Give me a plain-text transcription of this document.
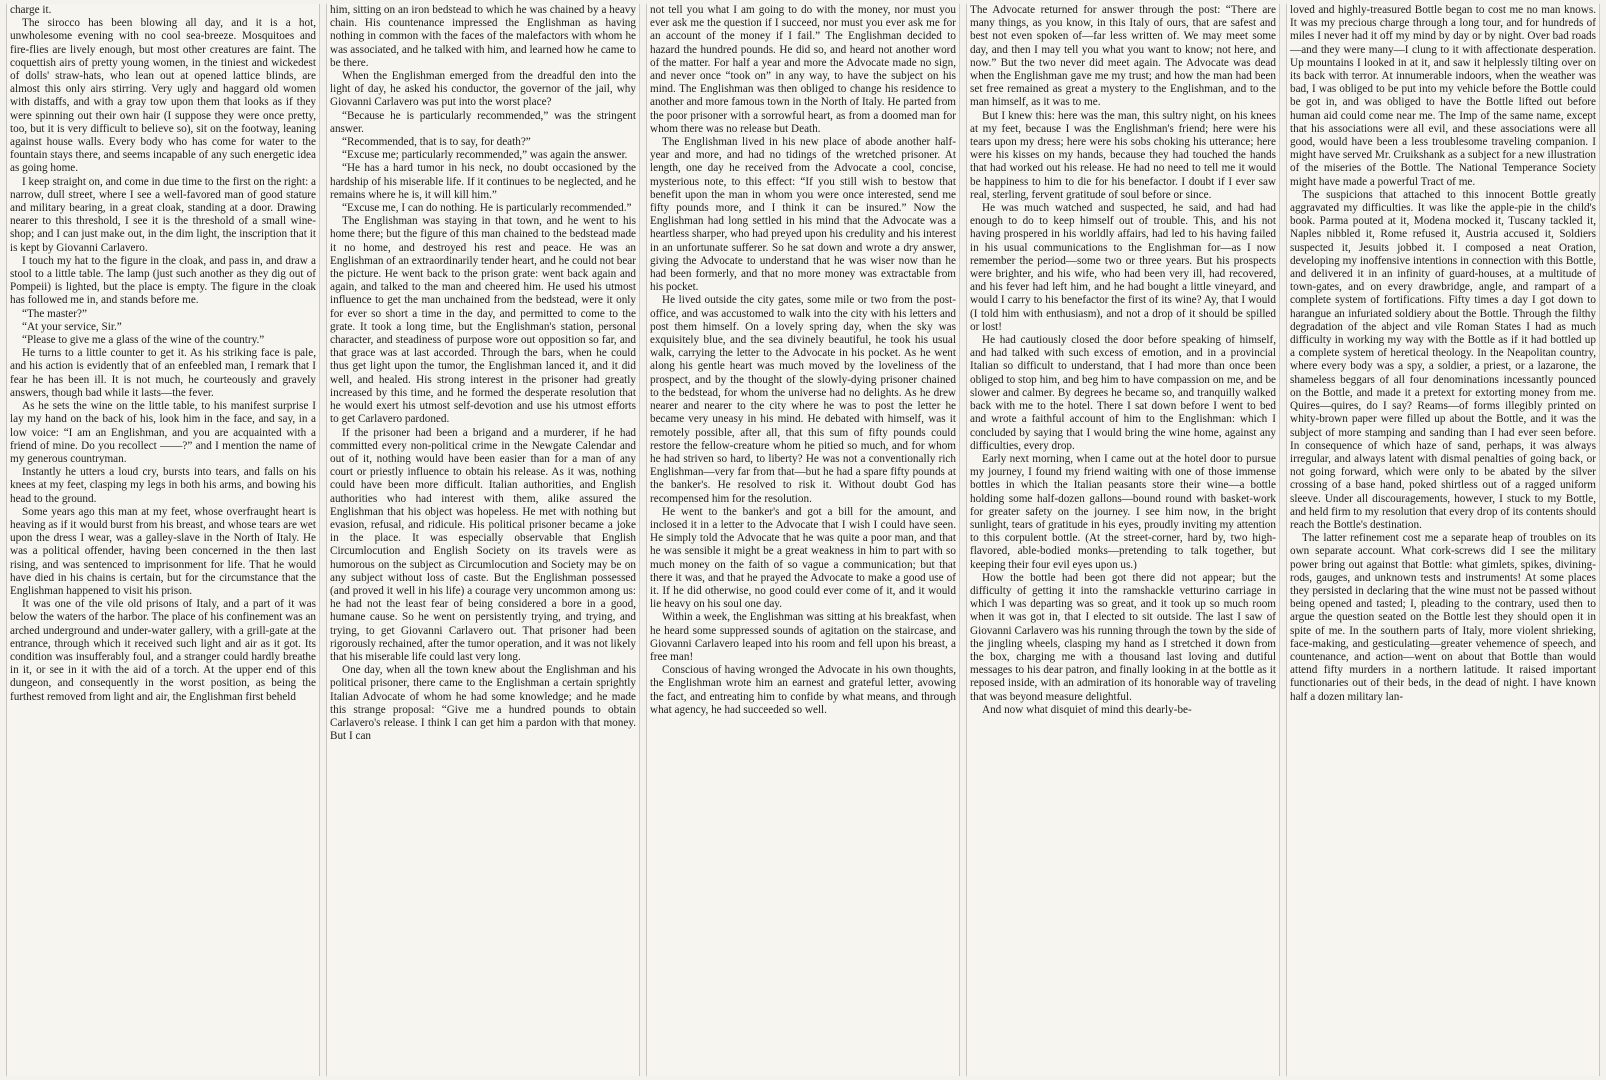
charge it.

The sirocco has been blowing all day, and it is a hot, unwholesome evening with no cool sea-breeze. Mosquitoes and fire-flies are lively enough, but most other creatures are faint. The coquettish airs of pretty young women, in the tiniest and wickedest of dolls' straw-hats, who lean out at opened lattice blinds, are almost this only airs stirring. Very ugly and haggard old women with distaffs, and with a gray tow upon them that looks as if they were spinning out their own hair (I suppose they were once pretty, too, but it is very difficult to believe so), sit on the footway, leaning against house walls. Every body who has come for water to the fountain stays there, and seems incapable of any such energetic idea as going home.

I keep straight on, and come in due time to the first on the right: a narrow, dull street, where I see a well-favored man of good stature and military bearing, in a great cloak, standing at a door. Drawing nearer to this threshold, I see it is the threshold of a small wine-shop; and I can just make out, in the dim light, the inscription that it is kept by Giovanni Carlavero.

I touch my hat to the figure in the cloak, and pass in, and draw a stool to a little table. The lamp (just such another as they dig out of Pompeii) is lighted, but the place is empty. The figure in the cloak has followed me in, and stands before me.

“The master?”

“At your service, Sir.”

“Please to give me a glass of the wine of the country.”

He turns to a little counter to get it. As his striking face is pale, and his action is evidently that of an enfeebled man, I remark that I fear he has been ill. It is not much, he courteously and gravely answers, though bad while it lasts—the fever.

As he sets the wine on the little table, to his manifest surprise I lay my hand on the back of his, look him in the face, and say, in a low voice: “I am an Englishman, and you are acquainted with a friend of mine. Do you recollect ——?” and I mention the name of my generous countryman.

Instantly he utters a loud cry, bursts into tears, and falls on his knees at my feet, clasping my legs in both his arms, and bowing his head to the ground.

Some years ago this man at my feet, whose overfraught heart is heaving as if it would burst from his breast, and whose tears are wet upon the dress I wear, was a galley-slave in the North of Italy. He was a political offender, having been concerned in the then last rising, and was sentenced to imprisonment for life. That he would have died in his chains is certain, but for the circumstance that the Englishman happened to visit his prison.

It was one of the vile old prisons of Italy, and a part of it was below the waters of the harbor. The place of his confinement was an arched underground and under-water gallery, with a grill-gate at the entrance, through which it received such light and air as it got. Its condition was insufferably foul, and a stranger could hardly breathe in it, or see in it with the aid of a torch. At the upper end of this dungeon, and consequently in the worst position, as being the furthest removed from light and air, the Englishman first beheld

him, sitting on an iron bedstead to which he was chained by a heavy chain. His countenance impressed the Englishman as having nothing in common with the faces of the malefactors with whom he was associated, and he talked with him, and learned how he came to be there.

When the Englishman emerged from the dreadful den into the light of day, he asked his conductor, the governor of the jail, why Giovanni Carlavero was put into the worst place?

“Because he is particularly recommended,” was the stringent answer.

“Recommended, that is to say, for death?”

“Excuse me; particularly recommended,” was again the answer.

“He has a hard tumor in his neck, no doubt occasioned by the hardship of his miserable life. If it continues to be neglected, and he remains where he is, it will kill him.”

“Excuse me, I can do nothing. He is particularly recommended.”

The Englishman was staying in that town, and he went to his home there; but the figure of this man chained to the bedstead made it no home, and destroyed his rest and peace. He was an Englishman of an extraordinarily tender heart, and he could not bear the picture. He went back to the prison grate: went back again and again, and talked to the man and cheered him. He used his utmost influence to get the man unchained from the bedstead, were it only for ever so short a time in the day, and permitted to come to the grate. It took a long time, but the Englishman's station, personal character, and steadiness of purpose wore out opposition so far, and that grace was at last accorded. Through the bars, when he could thus get light upon the tumor, the Englishman lanced it, and it did well, and healed. His strong interest in the prisoner had greatly increased by this time, and he formed the desperate resolution that he would exert his utmost self-devotion and use his utmost efforts to get Carlavero pardoned.

If the prisoner had been a brigand and a murderer, if he had committed every non-political crime in the Newgate Calendar and out of it, nothing would have been easier than for a man of any court or priestly influence to obtain his release. As it was, nothing could have been more difficult. Italian authorities, and English authorities who had interest with them, alike assured the Englishman that his object was hopeless. He met with nothing but evasion, refusal, and ridicule. His political prisoner became a joke in the place. It was especially observable that English Circumlocution and English Society on its travels were as humorous on the subject as Circumlocution and Society may be on any subject without loss of caste. But the Englishman possessed (and proved it well in his life) a courage very uncommon among us: he had not the least fear of being considered a bore in a good, humane cause. So he went on persistently trying, and trying, and trying, to get Giovanni Carlavero out. That prisoner had been rigorously rechained, after the tumor operation, and it was not likely that his miserable life could last very long.

One day, when all the town knew about the Englishman and his political prisoner, there came to the Englishman a certain sprightly Italian Advocate of whom he had some knowledge; and he made this strange proposal: “Give me a hundred pounds to obtain Carlavero's release. I think I can get him a pardon with that money. But I can

not tell you what I am going to do with the money, nor must you ever ask me the question if I succeed, nor must you ever ask me for an account of the money if I fail.” The Englishman decided to hazard the hundred pounds. He did so, and heard not another word of the matter. For half a year and more the Advocate made no sign, and never once “took on” in any way, to have the subject on his mind. The Englishman was then obliged to change his residence to another and more famous town in the North of Italy. He parted from the poor prisoner with a sorrowful heart, as from a doomed man for whom there was no release but Death.

The Englishman lived in his new place of abode another half-year and more, and had no tidings of the wretched prisoner. At length, one day he received from the Advocate a cool, concise, mysterious note, to this effect: “If you still wish to bestow that benefit upon the man in whom you were once interested, send me fifty pounds more, and I think it can be insured.” Now the Englishman had long settled in his mind that the Advocate was a heartless sharper, who had preyed upon his credulity and his interest in an unfortunate sufferer. So he sat down and wrote a dry answer, giving the Advocate to understand that he was wiser now than he had been formerly, and that no more money was extractable from his pocket.

He lived outside the city gates, some mile or two from the post-office, and was accustomed to walk into the city with his letters and post them himself. On a lovely spring day, when the sky was exquisitely blue, and the sea divinely beautiful, he took his usual walk, carrying the letter to the Advocate in his pocket. As he went along his gentle heart was much moved by the loveliness of the prospect, and by the thought of the slowly-dying prisoner chained to the bedstead, for whom the universe had no delights. As he drew nearer and nearer to the city where he was to post the letter he became very uneasy in his mind. He debated with himself, was it remotely possible, after all, that this sum of fifty pounds could restore the fellow-creature whom he pitied so much, and for whom he had striven so hard, to liberty? He was not a conventionally rich Englishman—very far from that—but he had a spare fifty pounds at the banker's. He resolved to risk it. Without doubt God has recompensed him for the resolution.

He went to the banker's and got a bill for the amount, and inclosed it in a letter to the Advocate that I wish I could have seen. He simply told the Advocate that he was quite a poor man, and that he was sensible it might be a great weakness in him to part with so much money on the faith of so vague a communication; but that there it was, and that he prayed the Advocate to make a good use of it. If he did otherwise, no good could ever come of it, and it would lie heavy on his soul one day.

Within a week, the Englishman was sitting at his breakfast, when he heard some suppressed sounds of agitation on the staircase, and Giovanni Carlavero leaped into his room and fell upon his breast, a free man!

Conscious of having wronged the Advocate in his own thoughts, the Englishman wrote him an earnest and grateful letter, avowing the fact, and entreating him to confide by what means, and through what agency, he had succeeded so well.

The Advocate returned for answer through the post: “There are many things, as you know, in this Italy of ours, that are safest and best not even spoken of—far less written of. We may meet some day, and then I may tell you what you want to know; not here, and now.” But the two never did meet again. The Advocate was dead when the Englishman gave me my trust; and how the man had been set free remained as great a mystery to the Englishman, and to the man himself, as it was to me.

But I knew this: here was the man, this sultry night, on his knees at my feet, because I was the Englishman's friend; here were his tears upon my dress; here were his sobs choking his utterance; here were his kisses on my hands, because they had touched the hands that had worked out his release. He had no need to tell me it would be happiness to him to die for his benefactor. I doubt if I ever saw real, sterling, fervent gratitude of soul before or since.

He was much watched and suspected, he said, and had had enough to do to keep himself out of trouble. This, and his not having prospered in his worldly affairs, had led to his having failed in his usual communications to the Englishman for—as I now remember the period—some two or three years. But his prospects were brighter, and his wife, who had been very ill, had recovered, and his fever had left him, and he had bought a little vineyard, and would I carry to his benefactor the first of its wine? Ay, that I would (I told him with enthusiasm), and not a drop of it should be spilled or lost!

He had cautiously closed the door before speaking of himself, and had talked with such excess of emotion, and in a provincial Italian so difficult to understand, that I had more than once been obliged to stop him, and beg him to have compassion on me, and be slower and calmer. By degrees he became so, and tranquilly walked back with me to the hotel. There I sat down before I went to bed and wrote a faithful account of him to the Englishman: which I concluded by saying that I would bring the wine home, against any difficulties, every drop.

Early next morning, when I came out at the hotel door to pursue my journey, I found my friend waiting with one of those immense bottles in which the Italian peasants store their wine—a bottle holding some half-dozen gallons—bound round with basket-work for greater safety on the journey. I see him now, in the bright sunlight, tears of gratitude in his eyes, proudly inviting my attention to this corpulent bottle. (At the street-corner, hard by, two high-flavored, able-bodied monks—pretending to talk together, but keeping their four evil eyes upon us.)

How the bottle had been got there did not appear; but the difficulty of getting it into the ramshackle vetturino carriage in which I was departing was so great, and it took up so much room when it was got in, that I elected to sit outside. The last I saw of Giovanni Carlavero was his running through the town by the side of the jingling wheels, clasping my hand as I stretched it down from the box, charging me with a thousand last loving and dutiful messages to his dear patron, and finally looking in at the bottle as it reposed inside, with an admiration of its honorable way of traveling that was beyond measure delightful.

And now what disquiet of mind this dearly-be-

loved and highly-treasured Bottle began to cost me no man knows. It was my precious charge through a long tour, and for hundreds of miles I never had it off my mind by day or by night. Over bad roads—and they were many—I clung to it with affectionate desperation. Up mountains I looked in at it, and saw it helplessly tilting over on its back with terror. At innumerable indoors, when the weather was bad, I was obliged to be put into my vehicle before the Bottle could be got in, and was obliged to have the Bottle lifted out before human aid could come near me. The Imp of the same name, except that his associations were all evil, and these associations were all good, would have been a less troublesome traveling companion. I might have served Mr. Cruikshank as a subject for a new illustration of the miseries of the Bottle. The National Temperance Society might have made a powerful Tract of me.

The suspicions that attached to this innocent Bottle greatly aggravated my difficulties. It was like the apple-pie in the child's book. Parma pouted at it, Modena mocked it, Tuscany tackled it, Naples nibbled it, Rome refused it, Austria accused it, Soldiers suspected it, Jesuits jobbed it. I composed a neat Oration, developing my inoffensive intentions in connection with this Bottle, and delivered it in an infinity of guard-houses, at a multitude of town-gates, and on every drawbridge, angle, and rampart of a complete system of fortifications. Fifty times a day I got down to harangue an infuriated soldiery about the Bottle. Through the filthy degradation of the abject and vile Roman States I had as much difficulty in working my way with the Bottle as if it had bottled up a complete system of heretical theology. In the Neapolitan country, where every body was a spy, a soldier, a priest, or a lazarone, the shameless beggars of all four denominations incessantly pounced on the Bottle, and made it a pretext for extorting money from me. Quires—quires, do I say? Reams—of forms illegibly printed on whity-brown paper were filled up about the Bottle, and it was the subject of more stamping and sanding than I had ever seen before. In consequence of which haze of sand, perhaps, it was always irregular, and always latent with dismal penalties of going back, or not going forward, which were only to be abated by the silver crossing of a base hand, poked shirtless out of a ragged uniform sleeve. Under all discouragements, however, I stuck to my Bottle, and held firm to my resolution that every drop of its contents should reach the Bottle's destination.

The latter refinement cost me a separate heap of troubles on its own separate account. What cork-screws did I see the military power bring out against that Bottle: what gimlets, spikes, divining-rods, gauges, and unknown tests and instruments! At some places they persisted in declaring that the wine must not be passed without being opened and tasted; I, pleading to the contrary, used then to argue the question seated on the Bottle lest they should open it in spite of me. In the southern parts of Italy, more violent shrieking, face-making, and gesticulating—greater vehemence of speech, and countenance, and action—went on about that Bottle than would attend fifty murders in a northern latitude. It raised important functionaries out of their beds, in the dead of night. I have known half a dozen military lan-
